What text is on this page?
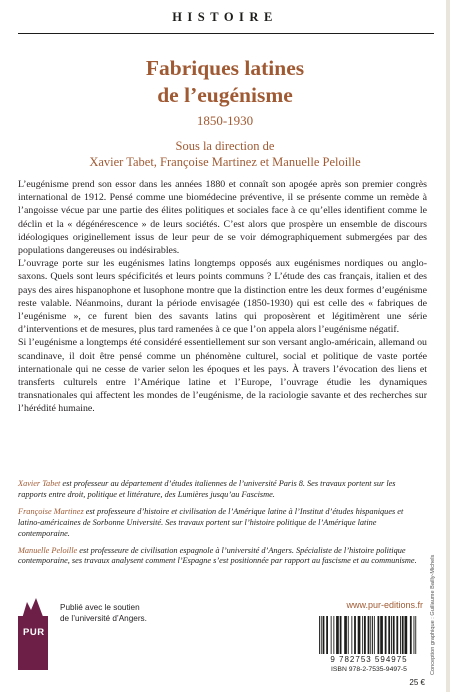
HISTOIRE
Fabriques latines
de l’eugénisme
1850-1930
Sous la direction de
Xavier Tabet, Françoise Martinez et Manuelle Peloille

L’eugénisme prend son essor dans les années 1880 et connaît son apogée après son premier congrès international de 1912. Pensé comme une biomédecine préventive, il se présente comme un remède à l’angoisse vécue par une partie des élites politiques et sociales face à ce qu’elles identifient comme le déclin et la « dégénérescence » de leurs sociétés. C’est alors que prospère un ensemble de discours idéologiques originellement issus de leur peur de se voir démographiquement submergées par des populations dangereuses ou indésirables.

L’ouvrage porte sur les eugénismes latins longtemps opposés aux eugénismes nordiques ou anglo-saxons. Quels sont leurs spécificités et leurs points communs ? L’étude des cas français, italien et des pays des aires hispanophone et lusophone montre que la distinction entre les deux formes d’eugénisme reste valable. Néanmoins, durant la période envisagée (1850-1930) qui est celle des « fabriques de l’eugénisme », ce furent bien des savants latins qui proposèrent et légitimèrent une série d’interventions et de mesures, plus tard ramenées à ce que l’on appela alors l’eugénisme négatif.

Si l’eugénisme a longtemps été considéré essentiellement sur son versant anglo-américain, allemand ou scandinave, il doit être pensé comme un phénomène culturel, social et politique de vaste portée internationale qui ne cesse de varier selon les époques et les pays. À travers l’évocation des liens et transferts culturels entre l’Amérique latine et l’Europe, l’ouvrage étudie les dynamiques transnationales qui affectent les mondes de l’eugénisme, de la raciologie savante et des recherches sur l’hérédité humaine.

Xavier Tabet est professeur au département d’études italiennes de l’université Paris 8. Ses travaux portent sur les rapports entre droit, politique et littérature, des Lumières jusqu’au Fascisme.
Françoise Martinez est professeure d’histoire et civilisation de l’Amérique latine à l’Institut d’études hispaniques et latino-américaines de Sorbonne Université. Ses travaux portent sur l’histoire politique de l’Amérique latine contemporaine.
Manuelle Peloille est professeure de civilisation espagnole à l’université d’Angers. Spécialiste de l’histoire politique contemporaine, ses travaux analysent comment l’Espagne s’est positionnée par rapport au fascisme et au communisme. Conception graphique : Guillaume Bailly-Michels
PUR
Publié avec le soutien
de l’université d’Angers.
www.pur-editions.fr
9 782753 594975
ISBN 978-2-7535-9497-5
25 €
